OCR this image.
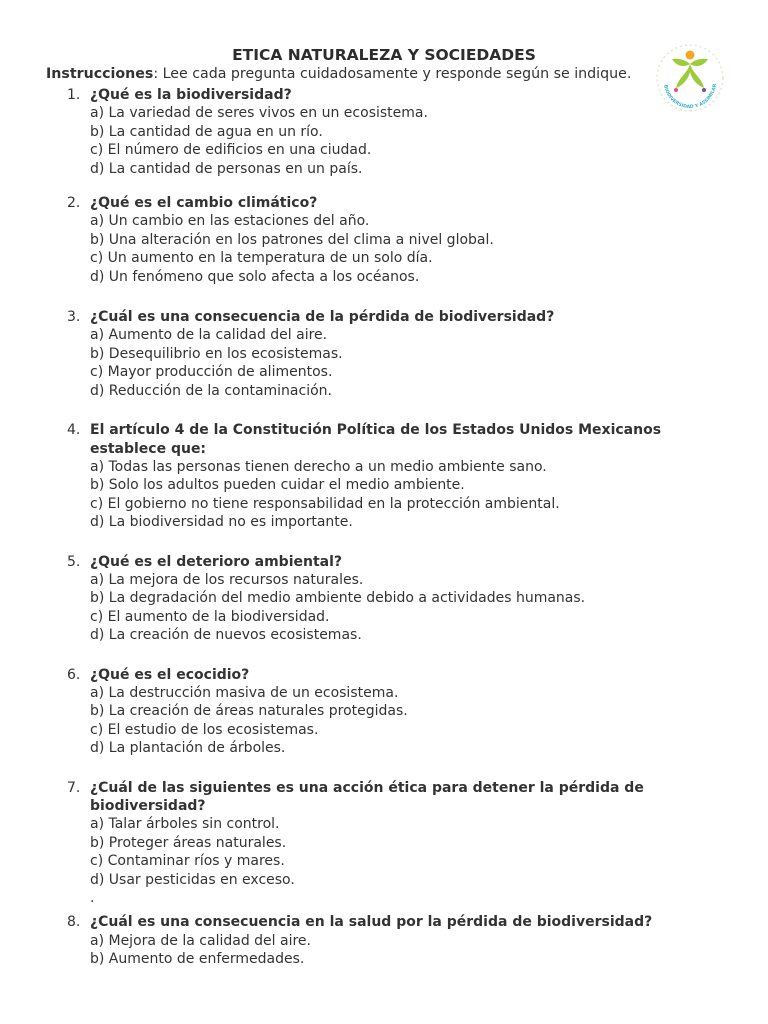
ETICA NATURALEZA Y SOCIEDADES
Instrucciones: Lee cada pregunta cuidadosamente y responde según se indique.
BIODIVERSIDAD Y ASSIMILAR
1. ¿Qué es la biodiversidad?
a) La variedad de seres vivos en un ecosistema.
b) La cantidad de agua en un río.
c) El número de edificios en una ciudad.
d) La cantidad de personas en un país.
2. ¿Qué es el cambio climático?
a) Un cambio en las estaciones del año.
b) Una alteración en los patrones del clima a nivel global.
c) Un aumento en la temperatura de un solo día.
d) Un fenómeno que solo afecta a los océanos.
3. ¿Cuál es una consecuencia de la pérdida de biodiversidad?
a) Aumento de la calidad del aire.
b) Desequilibrio en los ecosistemas.
c) Mayor producción de alimentos.
d) Reducción de la contaminación.
4. El artículo 4 de la Constitución Política de los Estados Unidos Mexicanos establece que:
a) Todas las personas tienen derecho a un medio ambiente sano.
b) Solo los adultos pueden cuidar el medio ambiente.
c) El gobierno no tiene responsabilidad en la protección ambiental.
d) La biodiversidad no es importante.
5. ¿Qué es el deterioro ambiental?
a) La mejora de los recursos naturales.
b) La degradación del medio ambiente debido a actividades humanas.
c) El aumento de la biodiversidad.
d) La creación de nuevos ecosistemas.
6. ¿Qué es el ecocidio?
a) La destrucción masiva de un ecosistema.
b) La creación de áreas naturales protegidas.
c) El estudio de los ecosistemas.
d) La plantación de árboles.
7. ¿Cuál de las siguientes es una acción ética para detener la pérdida de biodiversidad?
a) Talar árboles sin control.
b) Proteger áreas naturales.
c) Contaminar ríos y mares.
d) Usar pesticidas en exceso.
.
8. ¿Cuál es una consecuencia en la salud por la pérdida de biodiversidad?
a) Mejora de la calidad del aire.
b) Aumento de enfermedades.
